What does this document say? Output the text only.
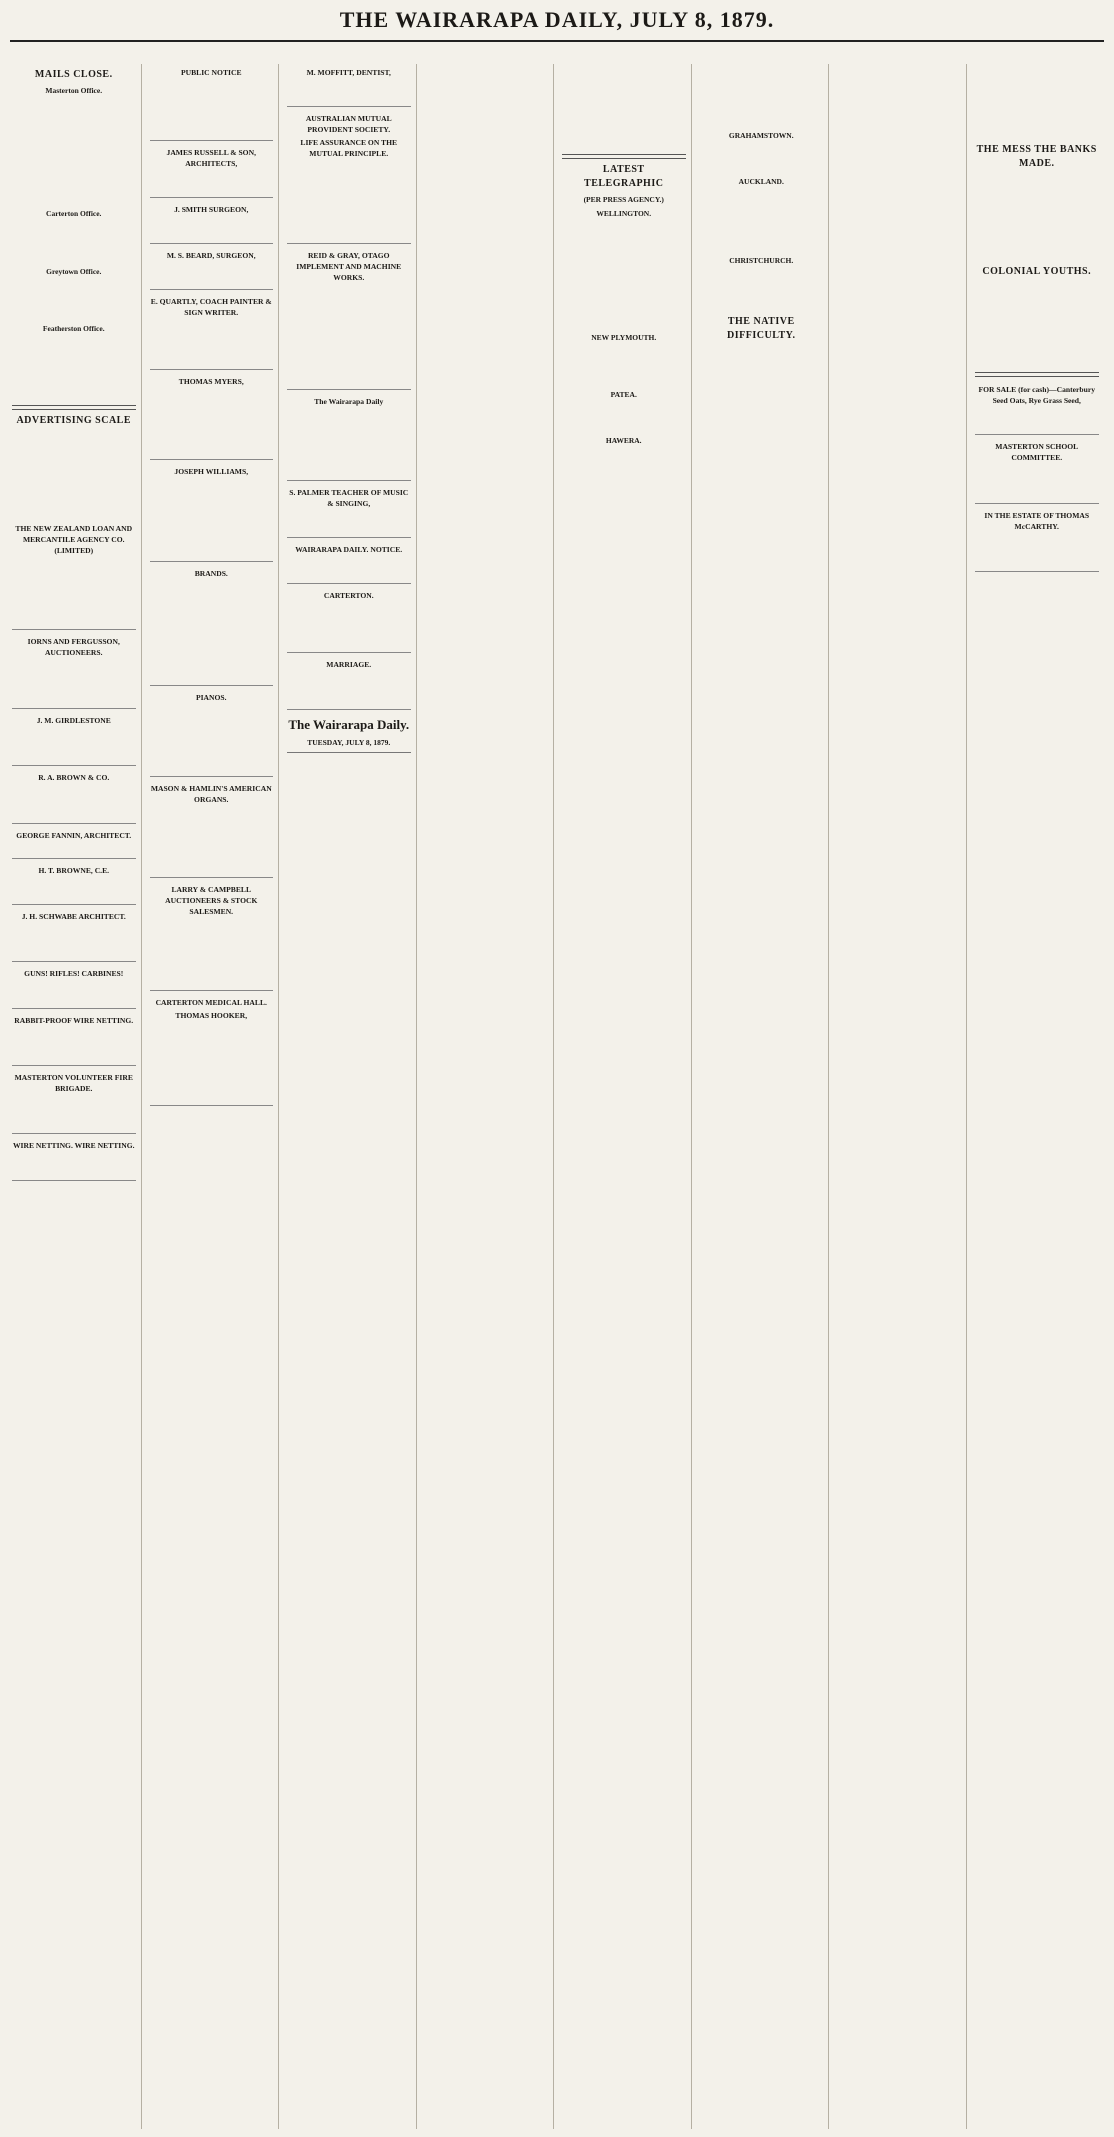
THE WAIRARAPA DAILY, JULY 8, 1879.
MAILS CLOSE.
Masterton Office.

Carterton Office.

Greytown Office.

Featherston Office.

ADVERTISING SCALE

THE NEW ZEALAND LOAN AND MERCANTILE AGENCY CO. (LIMITED)

IORNS AND FERGUSSON, AUCTIONEERS.

J. M. GIRDLESTONE

R. A. BROWN & CO.

GEORGE FANNIN, ARCHITECT.

H. T. BROWNE, C.E.

J. H. SCHWABE ARCHITECT.

GUNS! RIFLES! CARBINES!

RABBIT-PROOF WIRE NETTING.

MASTERTON VOLUNTEER FIRE BRIGADE.

WIRE NETTING. WIRE NETTING.

PUBLIC NOTICE

JAMES RUSSELL & SON, ARCHITECTS,

J. SMITH SURGEON,

M. S. BEARD, SURGEON,

E. QUARTLY, COACH PAINTER & SIGN WRITER.

THOMAS MYERS,

JOSEPH WILLIAMS,

BRANDS.

PIANOS.

MASON & HAMLIN'S AMERICAN ORGANS.

LARRY & CAMPBELL AUCTIONEERS & STOCK SALESMEN.

CARTERTON MEDICAL HALL.
THOMAS HOOKER,

M. MOFFITT, DENTIST,

AUSTRALIAN MUTUAL PROVIDENT SOCIETY.
LIFE ASSURANCE ON THE MUTUAL PRINCIPLE.

REID & GRAY, OTAGO IMPLEMENT AND MACHINE WORKS.

The Wairarapa Daily

S. PALMER TEACHER OF MUSIC & SINGING,

WAIRARAPA DAILY. NOTICE.

CARTERTON.

MARRIAGE.

The Wairarapa Daily.
TUESDAY, JULY 8, 1879.

LATEST TELEGRAPHIC
(PER PRESS AGENCY.)
WELLINGTON.

NEW PLYMOUTH.

PATEA.

HAWERA.

GRAHAMSTOWN.

AUCKLAND.

CHRISTCHURCH.

THE NATIVE DIFFICULTY.

THE MESS THE BANKS MADE.

COLONIAL YOUTHS.

FOR SALE (for cash)—Canterbury Seed Oats, Rye Grass Seed,

MASTERTON SCHOOL COMMITTEE.

IN THE ESTATE OF THOMAS McCARTHY.
